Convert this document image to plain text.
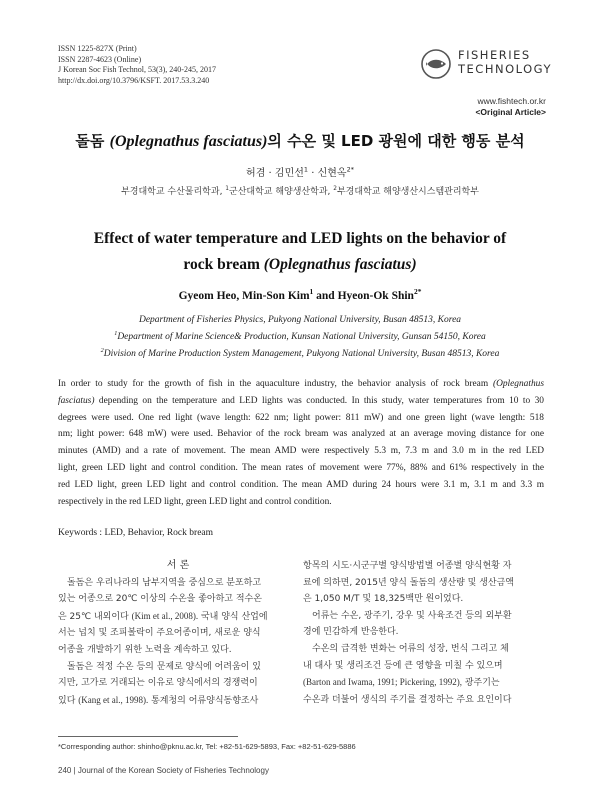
ISSN 1225-827X (Print)
ISSN 2287-4623 (Online)
J Korean Soc Fish Technol, 53(3), 240-245, 2017
http://dx.doi.org/10.3796/KSFT. 2017.53.3.240
FISHERIES
TECHNOLOGY
www.fishtech.or.kr
<Original Article>
돌돔 (Oplegnathus fasciatus)의 수온 및 LED 광원에 대한 행동 분석
허겸 · 김민선$^1$ · 신현옥$^{2*}$
부경대학교 수산물리학과, $^1$군산대학교 해양생산학과, $^2$부경대학교 해양생산시스템관리학부
Effect of water temperature and LED lights on the behavior of
rock bream (Oplegnathus fasciatus)
Gyeom Heo, Min-Son Kim$^1$ and Hyeon-Ok Shin$^{2*}$
Department of Fisheries Physics, Pukyong National University, Busan 48513, Korea
$^1$Department of Marine Science& Production, Kunsan National University, Gunsan 54150, Korea
$^2$Division of Marine Production System Management, Pukyong National University, Busan 48513, Korea
In order to study for the growth of fish in the aquaculture industry, the behavior analysis of rock bream (Oplegnathus
fasciatus) depending on the temperature and LED lights was conducted. In this study, water temperatures from 10 to 30
degrees were used. One red light (wave length: 622 nm; light power: 811 mW) and one green light (wave length: 518
nm; light power: 648 mW) were used. Behavior of the rock bream was analyzed at an average moving distance for one
minutes (AMD) and a rate of movement. The mean AMD were respectively 5.3 m, 7.3 m and 3.0 m in the red LED
light, green LED light and control condition. The mean rates of movement were 77%, 88% and 61% respectively in the
red LED light, green LED light and control condition. The mean AMD during 24 hours were 3.1 m, 3.1 m and 3.3 m
respectively in the red LED light, green LED light and control condition.
Keywords : LED, Behavior, Rock bream
서 론
 돌돔은 우리나라의 남부지역을 중심으로 분포하고
있는 어종으로 20℃ 이상의 수온을 좋아하고 적수온
은 25℃ 내외이다 (Kim et al., 2008). 국내 양식 산업에
서는 넙치 및 조피볼락이 주요어종이며, 새로운 양식
어종을 개발하기 위한 노력을 계속하고 있다.
 돌돔은 적정 수온 등의 문제로 양식에 어려움이 있
지만, 고가로 거래되는 이유로 양식에서의 경쟁력이
있다 (Kang et al., 1998). 통계청의 어류양식동향조사
항목의 시도·시군구별 양식방법별 어종별 양식현황 자
료에 의하면, 2015년 양식 돌돔의 생산량 및 생산금액
은 1,050 M/T 및 18,325백만 원이었다.
 어류는 수온, 광주기, 강우 및 사육조건 등의 외부환
경에 민감하게 반응한다.
 수온의 급격한 변화는 어류의 성장, 번식 그리고 체
내 대사 및 생리조건 등에 큰 영향을 미칠 수 있으며
(Barton and Iwama, 1991; Pickering, 1992), 광주기는
수온과 더불어 생식의 주기를 결정하는 주요 요인이다
*Corresponding author: shinho@pknu.ac.kr, Tel: +82-51-629-5893, Fax: +82-51-629-5886
240 | Journal of the Korean Society of Fisheries Technology
